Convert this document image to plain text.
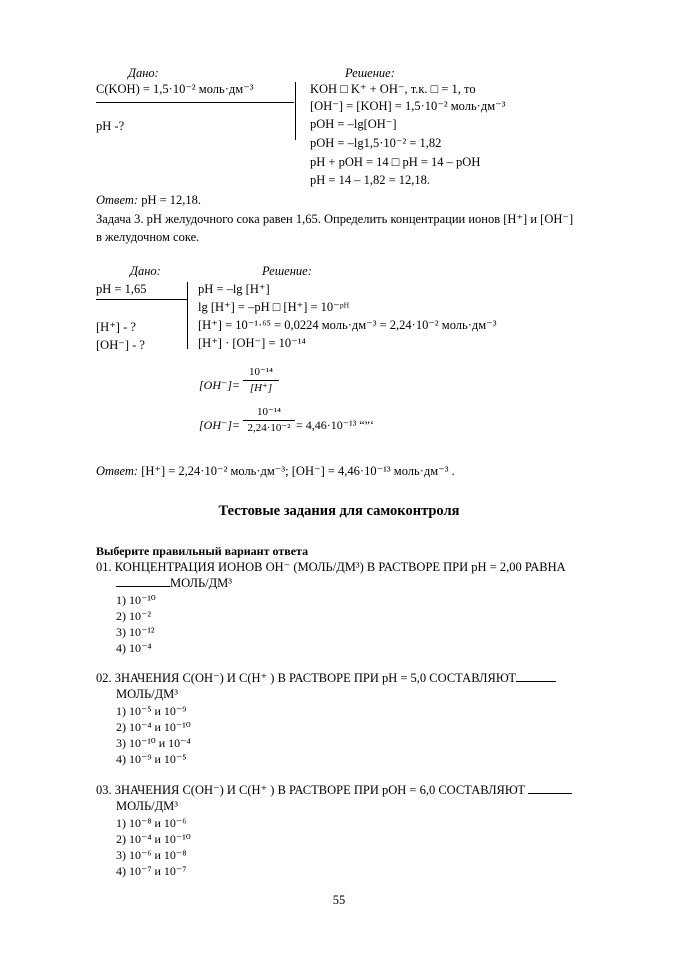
Дано:	Решение:
C(KOH) = 1,5·10⁻² моль·дм⁻³
pH -?
KOH □ K⁺ + OH⁻, т.к. □ = 1, то
[OH⁻] = [KOH] = 1,5·10⁻² моль·дм⁻³
pOH = –lg[OH⁻]
pOH = –lg1,5·10⁻² = 1,82
pH + pOH = 14 □ pH = 14 – pOH
pH = 14 – 1,82 = 12,18.
Ответ: pH = 12,18.
Задача 3. pH желудочного сока равен 1,65. Определить концентрации ионов [H⁺] и [OH⁻]
в желудочном соке.
Дано:	Решение:
pH = 1,65
[H⁺] - ?
[OH⁻] - ?
pH = –lg [H⁺]
lg [H⁺] = –pH □ [H⁺] = 10⁻ᵖᴴ
[H⁺] = 10⁻¹·⁶⁵ = 0,0224 моль·дм⁻³ = 2,24·10⁻² моль·дм⁻³
[H⁺] · [OH⁻] = 10⁻¹⁴
[OH⁻]=
10⁻¹⁴
[H⁺]
[OH⁻]=
10⁻¹⁴
2,24·10⁻² = 4,46·10⁻¹³ “”‘
Ответ: [H⁺] = 2,24·10⁻² моль·дм⁻³; [OH⁻] = 4,46·10⁻¹³ моль·дм⁻³ .
Тестовые задания для самоконтроля
Выберите правильный вариант ответа
01. КОНЦЕНТРАЦИЯ ИОНОВ OH⁻ (МОЛЬ/ДМ³) В РАСТВОРЕ ПРИ pH = 2,00 РАВНА
МОЛЬ/ДМ³
1) 10⁻¹⁰
2) 10⁻²
3) 10⁻¹²
4) 10⁻⁴
02. ЗНАЧЕНИЯ C(OH⁻) И C(H⁺ ) В РАСТВОРЕ ПРИ pH = 5,0 СОСТАВЛЯЮТ
МОЛЬ/ДМ³
1) 10⁻⁵ и 10⁻⁹
2) 10⁻⁴ и 10⁻¹⁰
3) 10⁻¹⁰ и 10⁻⁴
4) 10⁻⁹ и 10⁻⁵
03. ЗНАЧЕНИЯ C(OH⁻) И C(H⁺ ) В РАСТВОРЕ ПРИ pOH = 6,0 СОСТАВЛЯЮТ
МОЛЬ/ДМ³
1) 10⁻⁸ и 10⁻⁶
2) 10⁻⁴ и 10⁻¹⁰
3) 10⁻⁶ и 10⁻⁸
4) 10⁻⁷ и 10⁻⁷
55
